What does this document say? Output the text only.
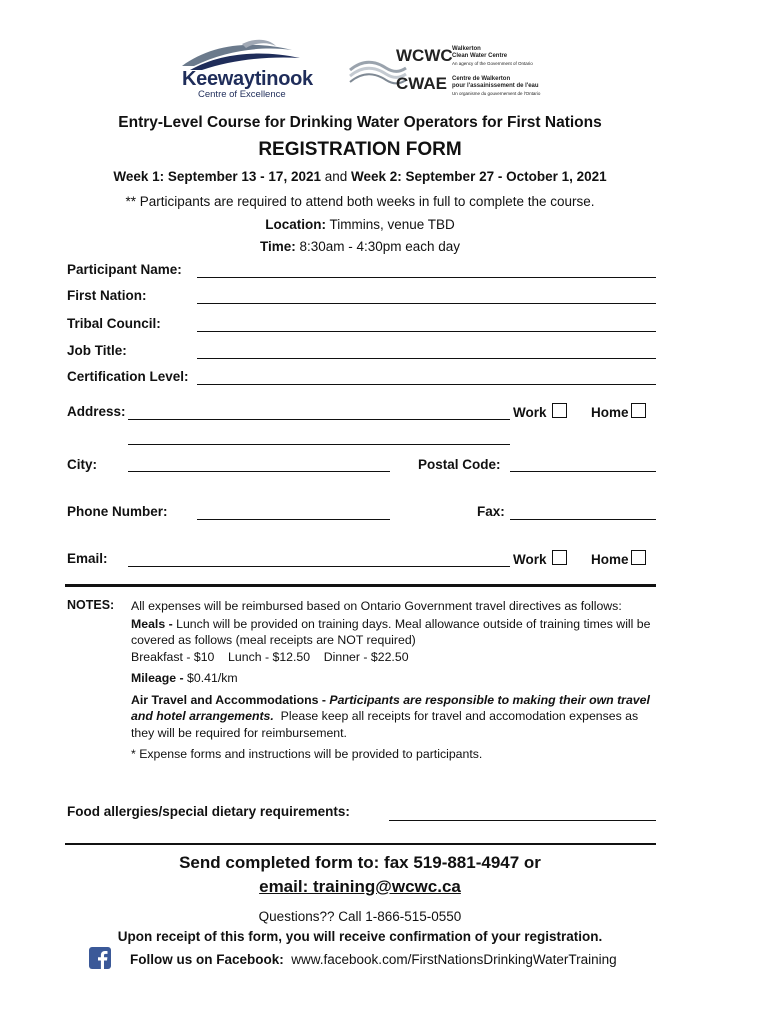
Keewaytinook
Centre of Excellence
WCWC
CWAE
Walkerton
Clean Water Centre
An agency of the Government of Ontario
Centre de Walkerton
pour l'assainissement de l'eau
Un organisme du gouvernement de l'Ontario
Entry-Level Course for Drinking Water Operators for First Nations
REGISTRATION FORM
Week 1: September 13 - 17, 2021 and Week 2: September 27 - October 1, 2021
** Participants are required to attend both weeks in full to complete the course.
Location: Timmins, venue TBD
Time: 8:30am - 4:30pm each day
Participant Name:
First Nation:
Tribal Council:
Job Title:
Certification Level:
Address:	Work	Home
City:	Postal Code:
Phone Number:	Fax:
Email:	Work	Home
NOTES: All expenses will be reimbursed based on Ontario Government travel directives as follows:

Meals - Lunch will be provided on training days. Meal allowance outside of training times will be covered as follows (meal receipts are NOT required)

Breakfast - $10    Lunch - $12.50    Dinner - $22.50

Mileage - $0.41/km

Air Travel and Accommodations - Participants are responsible to making their own travel and hotel arrangements.  Please keep all receipts for travel and accomodation expenses as they will be required for reimbursement.

* Expense forms and instructions will be provided to participants.

Food allergies/special dietary requirements:
Send completed form to: fax 519-881-4947 or
email: training@wcwc.ca
Questions?? Call 1-866-515-0550
Upon receipt of this form, you will receive confirmation of your registration.
Follow us on Facebook:  www.facebook.com/FirstNationsDrinkingWaterTraining
